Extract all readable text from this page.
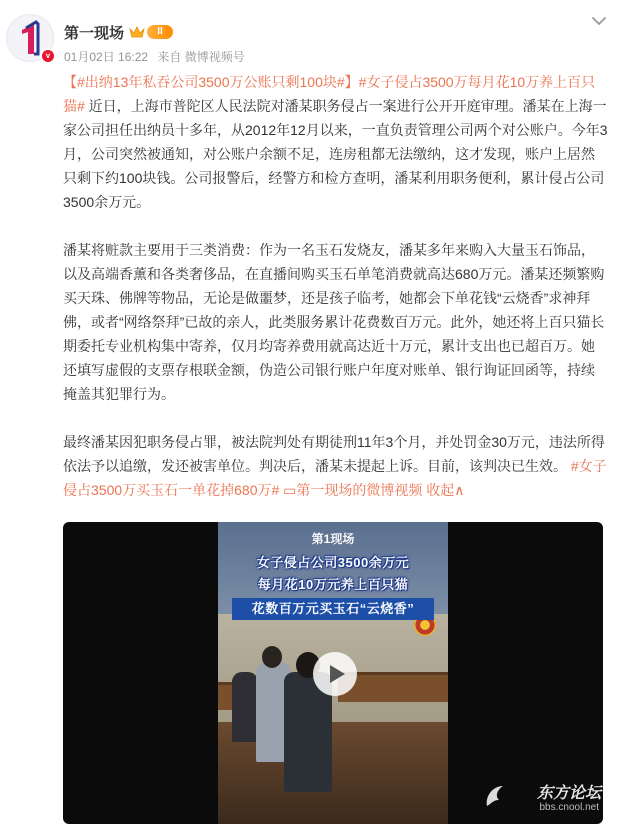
v
第一现场	II
01月02日 16:22 来自 微博视频号

【#出纳13年私吞公司3500万公账只剩100块#】#女子侵占3500万每月花10万养上百只猫# 近日，上海市普陀区人民法院对潘某职务侵占一案进行公开开庭审理。潘某在上海一家公司担任出纳员十多年，从2012年12月以来，一直负责管理公司两个对公账户。今年3月，公司突然被通知，对公账户余额不足，连房租都无法缴纳，这才发现，账户上居然只剩下约100块钱。公司报警后，经警方和检方查明，潘某利用职务便利，累计侵占公司3500余万元。

潘某将赃款主要用于三类消费：作为一名玉石发烧友，潘某多年来购入大量玉石饰品，以及高端香薰和各类奢侈品，在直播间购买玉石单笔消费就高达680万元。潘某还频繁购买天珠、佛牌等物品，无论是做噩梦，还是孩子临考，她都会下单花钱“云烧香”求神拜佛，或者“网络祭拜”已故的亲人，此类服务累计花费数百万元。此外，她还将上百只猫长期委托专业机构集中寄养，仅月均寄养费用就高达近十万元，累计支出也已超百万。她还填写虚假的支票存根联金额，伪造公司银行账户年度对账单、银行询证回函等，持续掩盖其犯罪行为。

最终潘某因犯职务侵占罪，被法院判处有期徒刑11年3个月，并处罚金30万元，违法所得依法予以追缴，发还被害单位。判决后，潘某未提起上诉。目前，该判决已生效。 #女子侵占3500万买玉石一单花掉680万# ▭第一现场的微博视频 收起∧

第1现场
女子侵占公司3500余万元
每月花10万元养上百只猫
花数百万元买玉石“云烧香”
东方论坛
bbs.cnool.net
